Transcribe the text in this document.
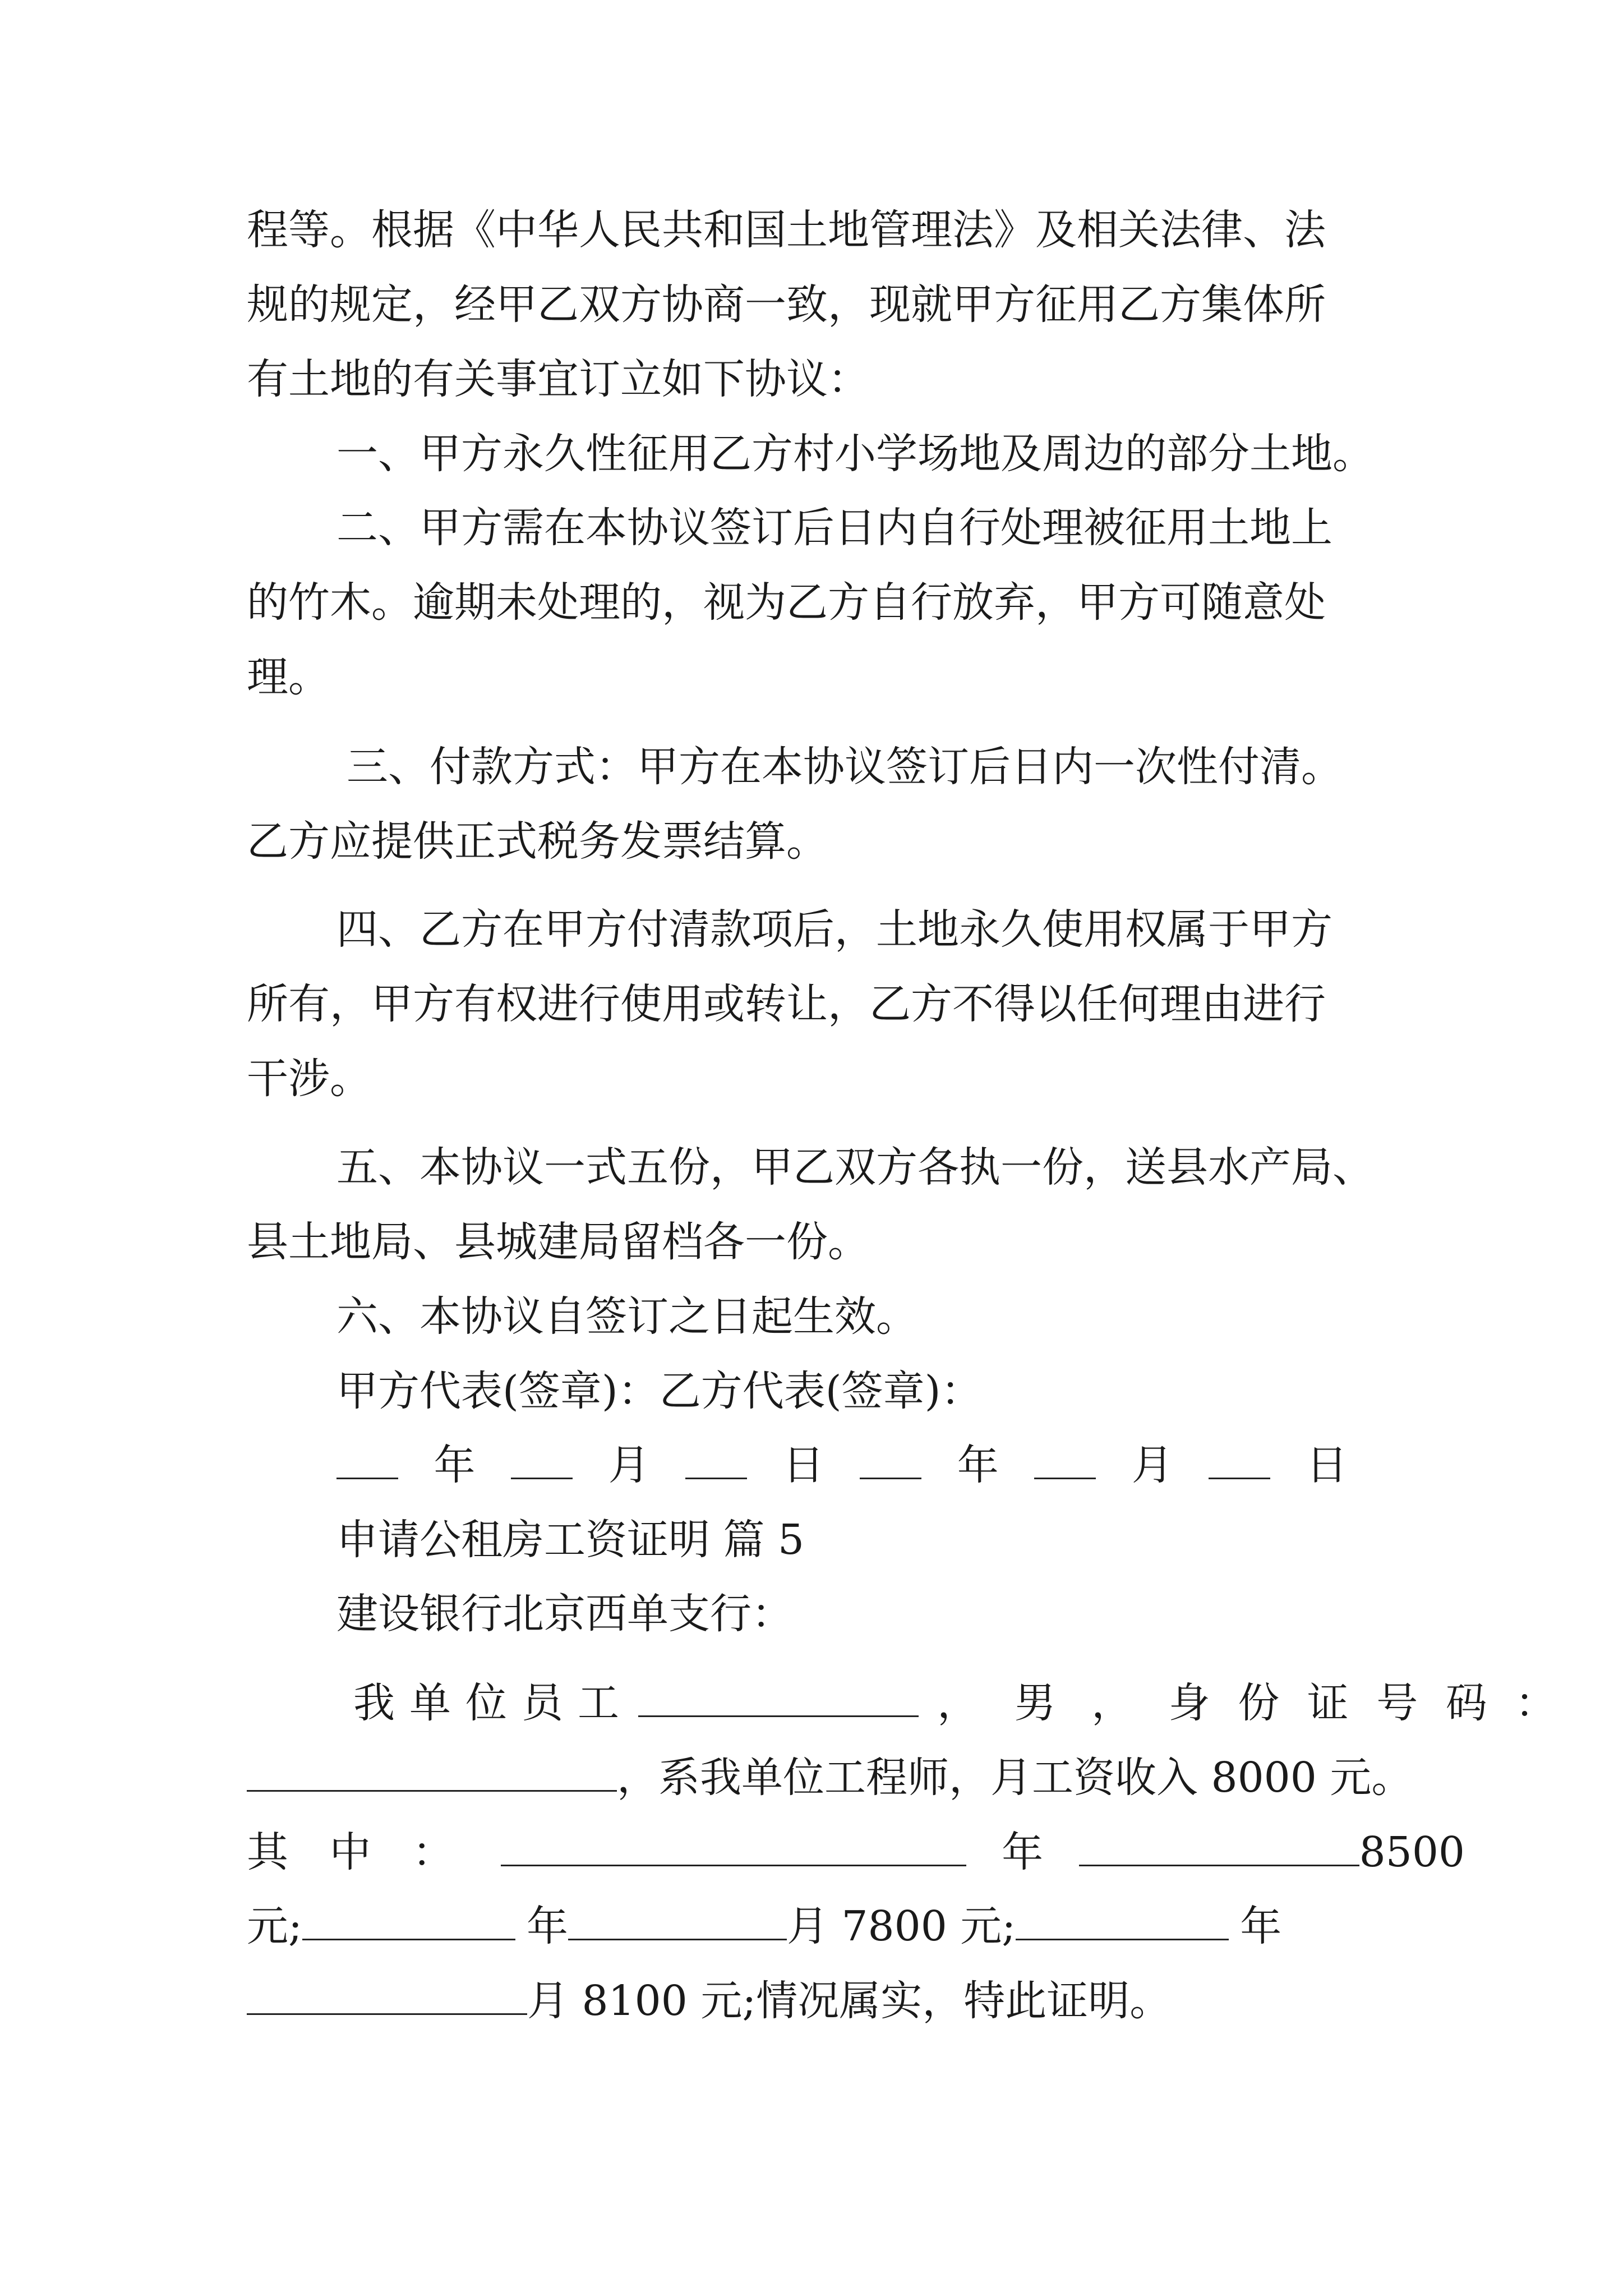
程等。根据《中华人民共和国土地管理法》及相关法律、法
规的规定，经甲乙双方协商一致，现就甲方征用乙方集体所
有土地的有关事宜订立如下协议：
一、甲方永久性征用乙方村小学场地及周边的部分土地。
二、甲方需在本协议签订后日内自行处理被征用土地上
的竹木。逾期未处理的，视为乙方自行放弃，甲方可随意处
理。
三、付款方式：甲方在本协议签订后日内一次性付清。
乙方应提供正式税务发票结算。
四、乙方在甲方付清款项后，土地永久使用权属于甲方
所有，甲方有权进行使用或转让，乙方不得以任何理由进行
干涉。
五、本协议一式五份，甲乙双方各执一份，送县水产局、
县土地局、县城建局留档各一份。
六、本协议自签订之日起生效。
甲方代表(签章)：乙方代表(签章)：
年	月	日	年	月	日
申请公租房工资证明 篇 5
建设银行北京西单支行：
我 单 位 员 工	， 男 ， 身 份 证 号 码 ：
，系我单位工程师，月工资收入 8000 元。
其 中 ：	年	8500
元;	年	月 7800 元;	年
月 8100 元;情况属实，特此证明。
